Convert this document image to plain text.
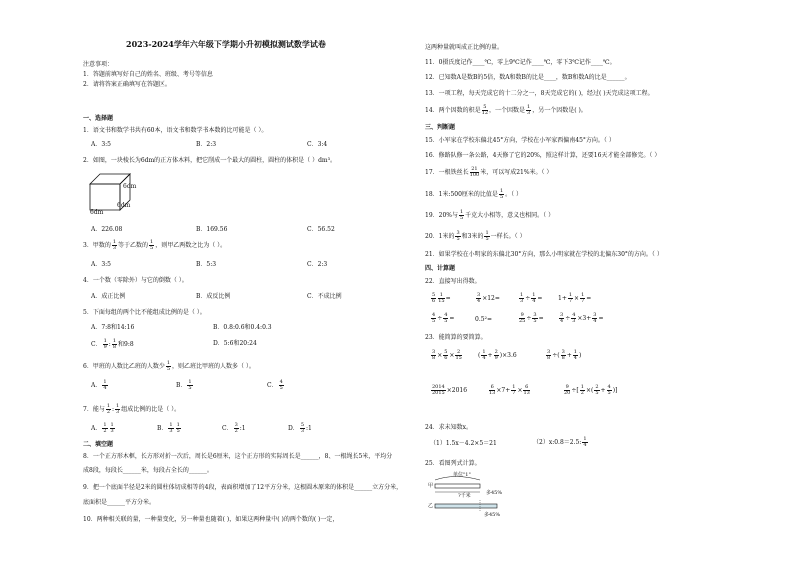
2023-2024学年六年级下学期小升初模拟测试数学试卷
注意事项：
1．答题前填写好自己的姓名、班级、考号等信息
2．请将答案正确填写在答题区。
一、选择题
1．语文书和数学书共有60本，语文书和数学书本数的比可能是（ ）。
A．3:5	B．2:3	C．3:4
2．如图，一块棱长为6dm的正方体木料，把它削成一个最大的圆柱，圆柱的体积是（ ）dm³。
6dm
6dm
6dm
A．226.08	B．169.56	C．56.52
3．甲数的 $\frac{1}{3}$ 等于乙数的 $\frac{1}{5}$ ，则甲乙两数之比为（ ）。
A．3:5	B．5:3	C．2:3
4．一个数（零除外）与它的倒数（ ）。
A．成正比例	B．成反比例	C．不成比例
5．下面每组的两个比不能组成比例的是（ ）。
A．7:8和14:16	B．0.8:0.6和0.4:0.3
C． $\frac{1}{9}$ : $\frac{1}{8}$ 和9:8	D．5:6和20:24
6．甲班的人数比乙班的人数少 $\frac{1}{5}$ ，则乙班比甲班的人数多（ ）。
A． $\frac{1}{4}$	B． $\frac{1}{5}$	C． $\frac{4}{5}$
7．能与 $\frac{1}{2}$ : $\frac{1}{3}$ 组成比例的比是（ ）。
A． $\frac{1}{2} \frac{1}{3}$	B． $\frac{1}{3} \frac{1}{5}$	C． $\frac{3}{2}$ :1	D． $\frac{5}{3}$ :1
二、填空题
8．一个正方形木框，长方形对折一次后，周长是6厘米，这个正方形的实际周长是______，8、一根绳长5米，平均分
成8段，每段长______米，每段占全长的______。
9．把一个底面半径是2米的圆柱体切成相等的4段，表面积增加了12平方分米，这根圆木原来的体积是______立方分米，
底面积是______平方分米。
10．两种相关联的量，一种量变化，另一种量也随着( )，如果这两种量中( )的两个数的( )一定，
这两种量就叫成正比例的量。
11．0摄氏度记作____℃，零上9℃记作____℃，零下3℃记作____℃。
12．已知数A是数B的5倍，数A和数B的比是____，数B和数A的比是______。
13．一项工程，每天完成它的十二分之一，8天完成它的( )，经过( )天完成这项工程。
14．两个因数的积是 $\frac{5}{12}$ ，一个因数是 $\frac{1}{3}$ ，另一个因数是( )。
三、判断题
15．小军家在学校东偏北45°方向，学校在小军家西偏南45°方向。（ ）
16．修路队修一条公路，4天修了它的20%，照这样计算，还要16天才能全部修完。（ ）
17．一根铁丝长 $\frac{21}{100}$ 米，可以写成21%米。（ ）
18．1米:500厘米的比值是 $\frac{1}{5}$ 。（ ）
19．20%与 $\frac{1}{5}$ 千克大小相等，意义也相同。（ ）
20．1米的 $\frac{3}{5}$ 和3米的 $\frac{1}{5}$ 一样长。（ ）
21．如果学校在小明家的东偏北30°方向，那么小明家就在学校的北偏东30°的方向。（ ）
四、计算题
22．直接写出得数。
$\frac{5}{6} \frac{1}{15}$ =	$\frac{3}{4} \times 12=$	$\frac{1}{3} \div \frac{1}{4}$ =	$1+ \frac{1}{7} \times \frac{1}{7}$ =
$\frac{4}{5} \div \frac{4}{5}$ =	0.5²=	$\frac{9}{25} \div \frac{3}{5}$ =	$\frac{3}{4} \div \frac{4}{3} \times 3+ \frac{3}{4}$ =
23．能简算的要简算。
$\frac{3}{8} \times \frac{5}{6} \times \frac{2}{15}$	( $\frac{1}{4} + \frac{2}{9} )\times 3.6$	$\frac{3}{8}$ ÷( $\frac{3}{8} + \frac{1}{4}$ )
$\frac{2014}{2015} \times 2016$	$\frac{6}{13} \times 7+ \frac{1}{7} \times \frac{6}{13}$	$\frac{9}{20}$ ÷[ $\frac{1}{2}$ ×( $\frac{2}{5} + \frac{4}{5}$ )]
24．求未知数x。
（1）1.5x－4.2×5＝21	（2）x:0.8＝2.5: $\frac{1}{4}$
25．看图列式计算。
单位"1"
甲
?千米	多45%
乙
多45%
